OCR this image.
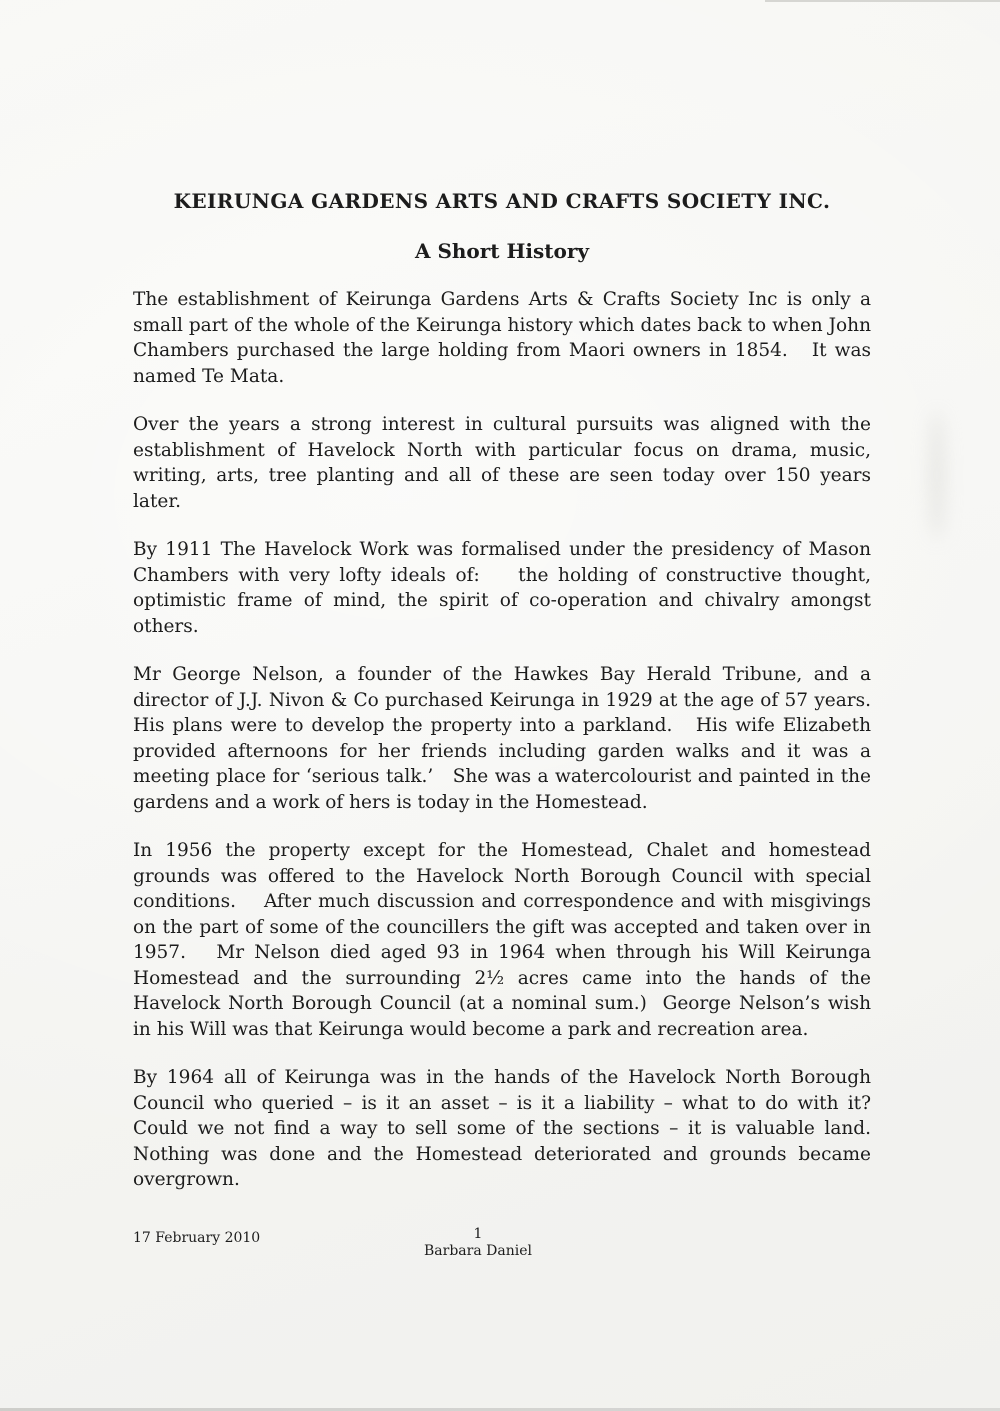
KEIRUNGA GARDENS ARTS AND CRAFTS SOCIETY INC.
A Short History

The establishment of Keirunga Gardens Arts & Crafts Society Inc is only a small part of the whole of the Keirunga history which dates back to when John Chambers purchased the large holding from Maori owners in 1854.   It was named Te Mata.

Over the years a strong interest in cultural pursuits was aligned with the establishment of Havelock North with particular focus on drama, music, writing, arts, tree planting and all of these are seen today over 150 years later.

By 1911 The Havelock Work was formalised under the presidency of Mason Chambers with very lofty ideals of:    the holding of constructive thought, optimistic frame of mind, the spirit of co-operation and chivalry amongst others.

Mr George Nelson, a founder of the Hawkes Bay Herald Tribune, and a director of J.J. Nivon & Co purchased Keirunga in 1929 at the age of 57 years.   His plans were to develop the property into a parkland.   His wife Elizabeth provided afternoons for her friends including garden walks and it was a meeting place for ‘serious talk.’   She was a watercolourist and painted in the gardens and a work of hers is today in the Homestead.

In 1956 the property except for the Homestead, Chalet and homestead grounds was offered to the Havelock North Borough Council with special conditions.    After much discussion and correspondence and with misgivings on the part of some of the councillers the gift was accepted and taken over in 1957.   Mr Nelson died aged 93 in 1964 when through his Will Keirunga Homestead and the surrounding 2½ acres came into the hands of the Havelock North Borough Council (at a nominal sum.)  George Nelson’s wish in his Will was that Keirunga would become a park and recreation area.

By 1964 all of Keirunga was in the hands of the Havelock North Borough Council who queried – is it an asset – is it a liability – what to do with it?  Could we not find a way to sell some of the sections – it is valuable land.  Nothing was done and the Homestead deteriorated and grounds became overgrown.

17 February 2010	1
Barbara Daniel
